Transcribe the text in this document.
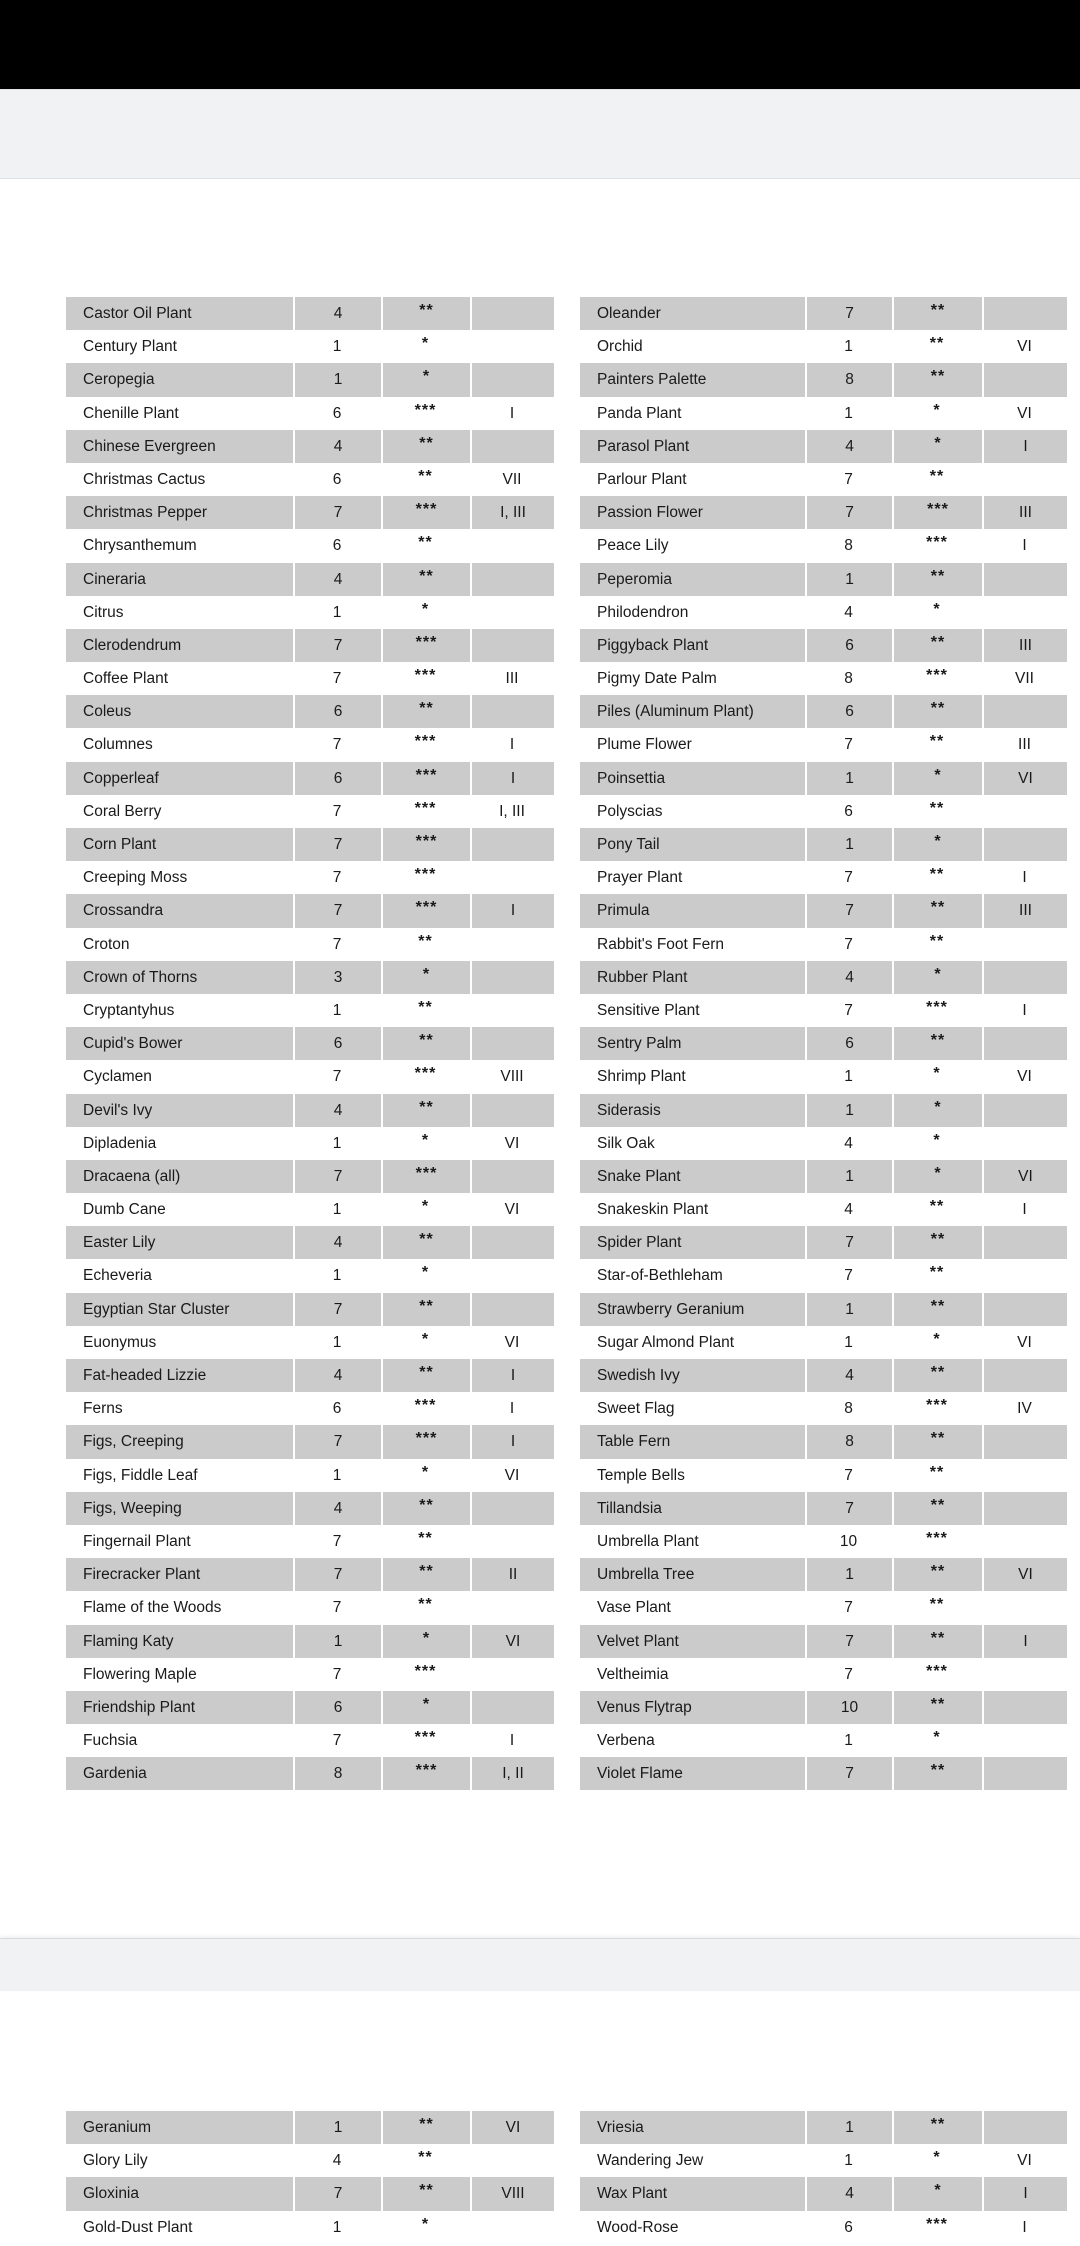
Castor Oil Plant	4	**
Century Plant	1	*
Ceropegia	1	*
Chenille Plant	6	***	I
Chinese Evergreen	4	**
Christmas Cactus	6	**	VII
Christmas Pepper	7	***	I, III
Chrysanthemum	6	**
Cineraria	4	**
Citrus	1	*
Clerodendrum	7	***
Coffee Plant	7	***	III
Coleus	6	**
Columnes	7	***	I
Copperleaf	6	***	I
Coral Berry	7	***	I, III
Corn Plant	7	***
Creeping Moss	7	***
Crossandra	7	***	I
Croton	7	**
Crown of Thorns	3	*
Cryptantyhus	1	**
Cupid's Bower	6	**
Cyclamen	7	***	VIII
Devil's Ivy	4	**
Dipladenia	1	*	VI
Dracaena (all)	7	***
Dumb Cane	1	*	VI
Easter Lily	4	**
Echeveria	1	*
Egyptian Star Cluster	7	**
Euonymus	1	*	VI
Fat-headed Lizzie	4	**	I
Ferns	6	***	I
Figs, Creeping	7	***	I
Figs, Fiddle Leaf	1	*	VI
Figs, Weeping	4	**
Fingernail Plant	7	**
Firecracker Plant	7	**	II
Flame of the Woods	7	**
Flaming Katy	1	*	VI
Flowering Maple	7	***
Friendship Plant	6	*
Fuchsia	7	***	I
Gardenia	8	***	I, II
Oleander	7	**
Orchid	1	**	VI
Painters Palette	8	**
Panda Plant	1	*	VI
Parasol Plant	4	*	I
Parlour Plant	7	**
Passion Flower	7	***	III
Peace Lily	8	***	I
Peperomia	1	**
Philodendron	4	*
Piggyback Plant	6	**	III
Pigmy Date Palm	8	***	VII
Piles (Aluminum Plant)	6	**
Plume Flower	7	**	III
Poinsettia	1	*	VI
Polyscias	6	**
Pony Tail	1	*
Prayer Plant	7	**	I
Primula	7	**	III
Rabbit's Foot Fern	7	**
Rubber Plant	4	*
Sensitive Plant	7	***	I
Sentry Palm	6	**
Shrimp Plant	1	*	VI
Siderasis	1	*
Silk Oak	4	*
Snake Plant	1	*	VI
Snakeskin Plant	4	**	I
Spider Plant	7	**
Star-of-Bethleham	7	**
Strawberry Geranium	1	**
Sugar Almond Plant	1	*	VI
Swedish Ivy	4	**
Sweet Flag	8	***	IV
Table Fern	8	**
Temple Bells	7	**
Tillandsia	7	**
Umbrella Plant	10	***
Umbrella Tree	1	**	VI
Vase Plant	7	**
Velvet Plant	7	**	I
Veltheimia	7	***
Venus Flytrap	10	**
Verbena	1	*
Violet Flame	7	**
Geranium	1	**	VI
Glory Lily	4	**
Gloxinia	7	**	VIII
Gold-Dust Plant	1	*
Vriesia	1	**
Wandering Jew	1	*	VI
Wax Plant	4	*	I
Wood-Rose	6	***	I
